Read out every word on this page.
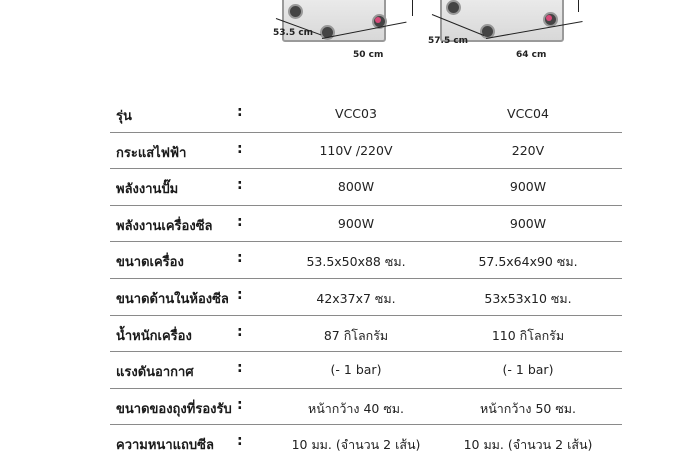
53.5 cm
50 cm
57.5 cm
64 cm
รุ่น	:	VCC03	VCC04
กระแสไฟฟ้า	:	110V /220V	220V
พลังงานปั๊ม	:	800W	900W
พลังงานเครื่องซีล :	900W	900W
ขนาดเครื่อง	:	53.5x50x88 ซม.	57.5x64x90 ซม.
ขนาดด้านในห้องซีล :	42x37x7 ซม.	53x53x10 ซม.
น้ำหนักเครื่อง	:	87 กิโลกรัม	110 กิโลกรัม
แรงดันอากาศ	:	(- 1 bar)	(- 1 bar)
ขนาดของถุงที่รองรับ :	หน้ากว้าง 40 ซม.	หน้ากว้าง 50 ซม.
ความหนาแถบซีล :	10 มม. (จำนวน 2 เส้น)	10 มม. (จำนวน 2 เส้น)
